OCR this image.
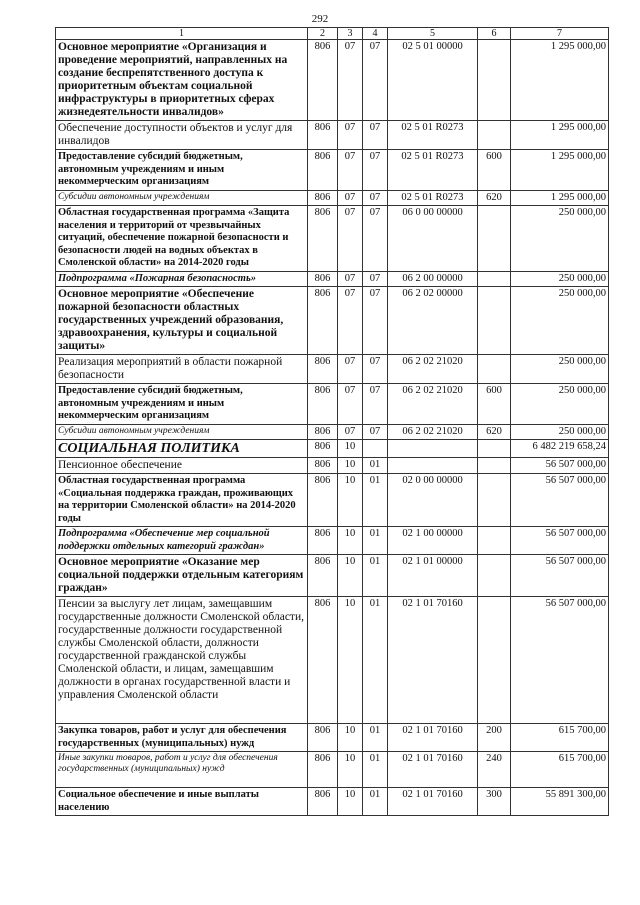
292
1	2	3	4	5	6	7
Основное мероприятие «Организация и проведение мероприятий, направленных на создание беспрепятственного доступа к приоритетным объектам социальной инфраструктуры в приоритетных сферах жизнедеятельности инвалидов»	806	07	07	02 5 01 00000		1 295 000,00
Обеспечение доступности объектов и услуг для инвалидов	806	07	07	02 5 01 R0273		1 295 000,00
Предоставление субсидий бюджетным, автономным учреждениям и иным некоммерческим организациям	806	07	07	02 5 01 R0273	600	1 295 000,00
Субсидии автономным учреждениям	806	07	07	02 5 01 R0273	620	1 295 000,00
Областная государственная программа «Защита населения и территорий от чрезвычайных ситуаций, обеспечение пожарной безопасности и безопасности людей на водных объектах в Смоленской области» на 2014-2020 годы	806	07	07	06 0 00 00000		250 000,00
Подпрограмма «Пожарная безопасность»	806	07	07	06 2 00 00000		250 000,00
Основное мероприятие «Обеспечение пожарной безопасности областных государственных учреждений образования, здравоохранения, культуры и социальной защиты»	806	07	07	06 2 02 00000		250 000,00
Реализация мероприятий в области пожарной безопасности	806	07	07	06 2 02 21020		250 000,00
Предоставление субсидий бюджетным, автономным учреждениям и иным некоммерческим организациям	806	07	07	06 2 02 21020	600	250 000,00
Субсидии автономным учреждениям	806	07	07	06 2 02 21020	620	250 000,00
СОЦИАЛЬНАЯ ПОЛИТИКА	806	10				6 482 219 658,24
Пенсионное обеспечение	806	10	01			56 507 000,00
Областная государственная программа «Социальная поддержка граждан, проживающих на территории Смоленской области» на 2014-2020 годы	806	10	01	02 0 00 00000		56 507 000,00
Подпрограмма «Обеспечение мер социальной поддержки отдельных категорий граждан»	806	10	01	02 1 00 00000		56 507 000,00
Основное мероприятие «Оказание мер социальной поддержки отдельным категориям граждан»	806	10	01	02 1 01 00000		56 507 000,00
Пенсии за выслугу лет лицам, замещавшим государственные должности Смоленской области, государственные должности государственной службы Смоленской области, должности государственной гражданской службы Смоленской области, и лицам, замещавшим должности в органах государственной власти и управления Смоленской области	806	10	01	02 1 01 70160		56 507 000,00
Закупка товаров, работ и услуг для обеспечения государственных (муниципальных) нужд	806	10	01	02 1 01 70160	200	615 700,00
Иные закупки товаров, работ и услуг для обеспечения государственных (муниципальных) нужд	806	10	01	02 1 01 70160	240	615 700,00
Социальное обеспечение и иные выплаты населению	806	10	01	02 1 01 70160	300	55 891 300,00
